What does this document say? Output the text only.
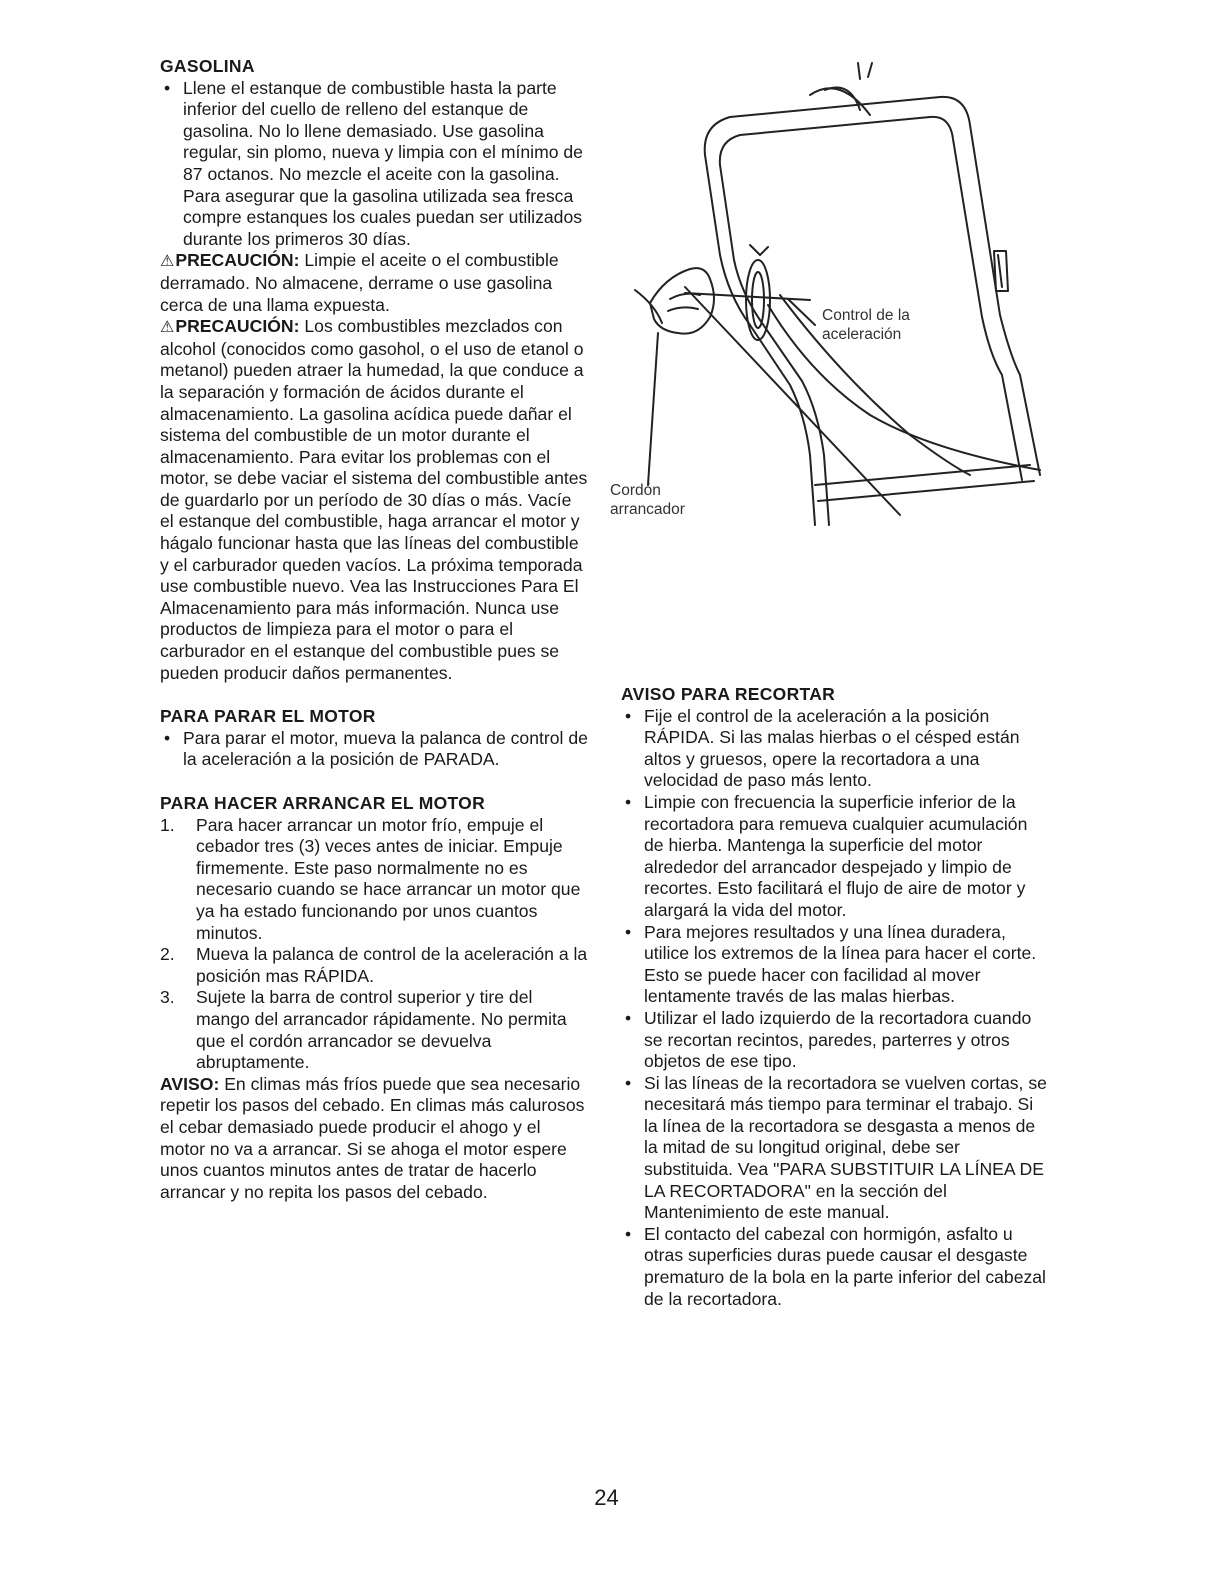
GASOLINA

• Llene el estanque de combustible hasta la parte inferior del cuello de relleno del estanque de gasolina. No lo llene demasiado. Use gasolina regular, sin plomo, nueva y limpia con el mínimo de 87 octanos. No mezcle el aceite con la gasolina. Para asegurar que la gasolina utilizada sea fresca compre estanques los cuales puedan ser utilizados durante los primeros 30 días.

⚠PRECAUCIÓN: Limpie el aceite o el combustible derramado. No almacene, derrame o use gasolina cerca de una llama expuesta.

⚠PRECAUCIÓN: Los combustibles mezclados con alcohol (conocidos como gasohol, o el uso de etanol o metanol) pueden atraer la humedad, la que conduce a la separación y formación de ácidos durante el almacenamiento. La gasolina acídica puede dañar el sistema del combustible de un motor durante el almacenamiento. Para evitar los problemas con el motor, se debe vaciar el sistema del combustible antes de guardarlo por un período de 30 días o más. Vacíe el estanque del combustible, haga arrancar el motor y hágalo funcionar hasta que las líneas del combustible y el carburador queden vacíos. La próxima temporada use combustible nuevo. Vea las Instrucciones Para El Almacenamiento para más información. Nunca use productos de limpieza para el motor o para el carburador en el estanque del combustible pues se pueden producir daños permanentes.

PARA PARAR EL MOTOR

• Para parar el motor, mueva la palanca de control de la aceleración a la posición de PARADA.

PARA HACER ARRANCAR EL MOTOR

1. Para hacer arrancar un motor frío, empuje el cebador tres (3) veces antes de iniciar. Empuje firmemente. Este paso normalmente no es necesario cuando se hace arrancar un motor que ya ha estado funcionando por unos cuantos minutos.

2. Mueva la palanca de control de la aceleración a la posición mas RÁPIDA.

3. Sujete la barra de control superior y tire del mango del arrancador rápidamente. No permita que el cordón arrancador se devuelva abruptamente.

AVISO: En climas más fríos puede que sea necesario repetir los pasos del cebado. En climas más calurosos el cebar demasiado puede producir el ahogo y el motor no va a arrancar. Si se ahoga el motor espere unos cuantos minutos antes de tratar de hacerlo arrancar y no repita los pasos del cebado.

Control de la
aceleración
Cordón
arrancador
AVISO PARA RECORTAR

• Fije el control de la aceleración a la posición RÁPIDA. Si las malas hierbas o el césped están altos y gruesos, opere la recortadora a una velocidad de paso más lento.

• Limpie con frecuencia la superficie inferior de la recortadora para remueva cualquier acumulación de hierba. Mantenga la superficie del motor alrededor del arrancador despejado y limpio de recortes. Esto facilitará el flujo de aire de motor y alargará la vida del motor.

• Para mejores resultados y una línea duradera, utilice los extremos de la línea para hacer el corte. Esto se puede hacer con facilidad al mover lentamente través de las malas hierbas.

• Utilizar el lado izquierdo de la recortadora cuando se recortan recintos, paredes, parterres y otros objetos de ese tipo.

• Si las líneas de la recortadora se vuelven cortas, se necesitará más tiempo para terminar el trabajo. Si la línea de la recortadora se desgasta a menos de la mitad de su longitud original, debe ser substituida. Vea "PARA SUBSTITUIR LA LÍNEA DE LA RECORTADORA" en la sección del Mantenimiento de este manual.

• El contacto del cabezal con hormigón, asfalto u otras superficies duras puede causar el desgaste prematuro de la bola en la parte inferior del cabezal de la recortadora.

24
